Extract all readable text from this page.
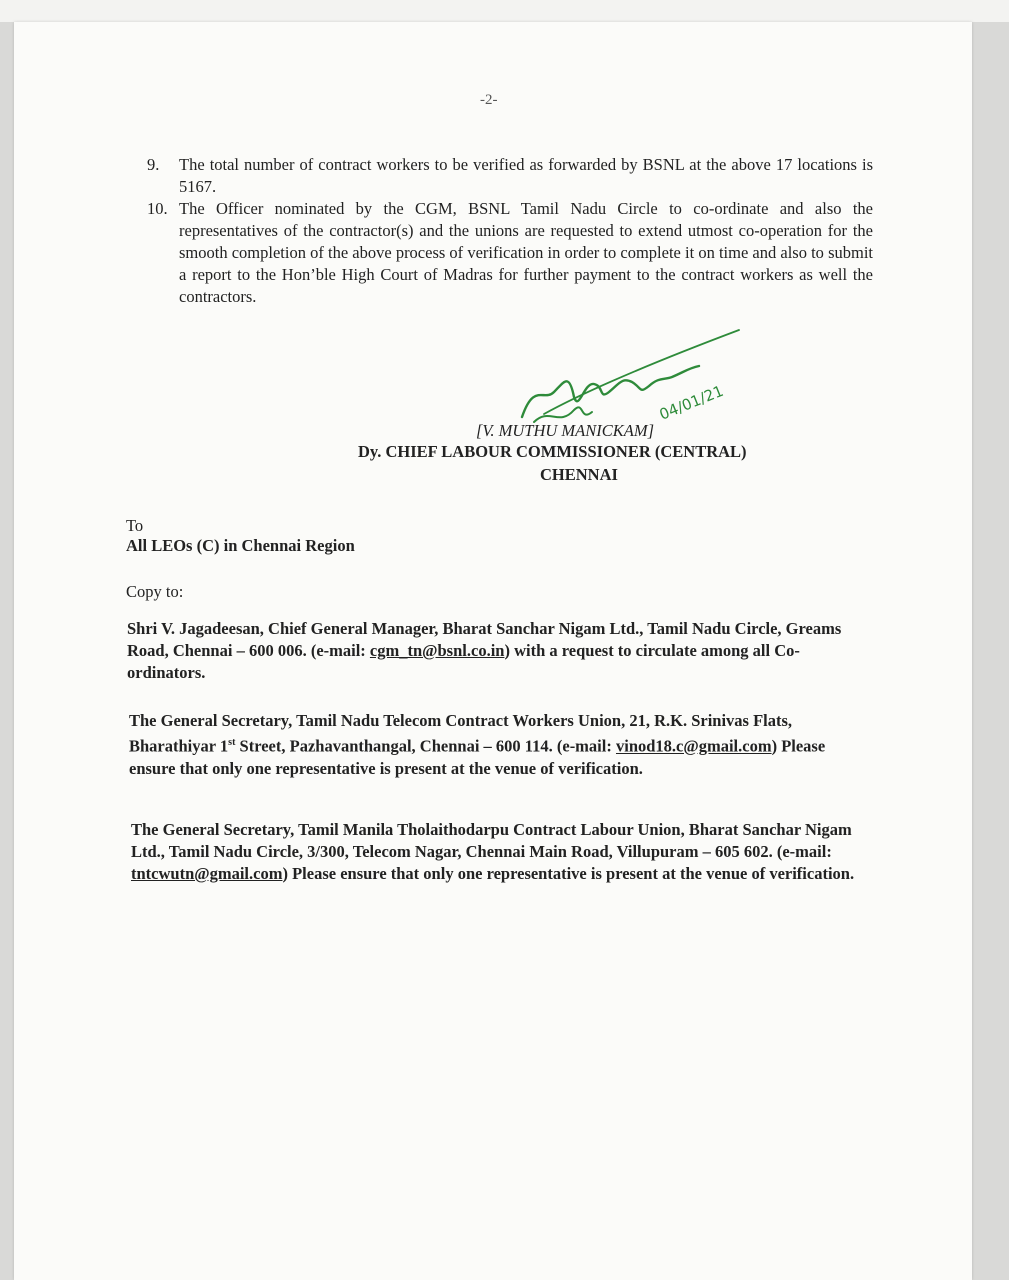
-2-
9. The total number of contract workers to be verified as forwarded by BSNL at the above 17 locations is 5167.
10. The Officer nominated by the CGM, BSNL Tamil Nadu Circle to co-ordinate and also the representatives of the contractor(s) and the unions are requested to extend utmost co-operation for the smooth completion of the above process of verification in order to complete it on time and also to submit a report to the Hon’ble High Court of Madras for further payment to the contract workers as well the contractors.
04/01/21
[V. MUTHU MANICKAM]
Dy. CHIEF LABOUR COMMISSIONER (CENTRAL)
CHENNAI
To
All LEOs (C) in Chennai Region
Copy to:

Shri V. Jagadeesan, Chief General Manager, Bharat Sanchar Nigam Ltd., Tamil Nadu Circle, Greams Road, Chennai – 600 006. (e-mail: cgm_tn@bsnl.co.in) with a request to circulate among all Co-ordinators.

The General Secretary, Tamil Nadu Telecom Contract Workers Union, 21, R.K. Srinivas Flats, Bharathiyar 1st Street, Pazhavanthangal, Chennai – 600 114. (e-mail: vinod18.c@gmail.com) Please ensure that only one representative is present at the venue of verification.

The General Secretary, Tamil Manila Tholaithodarpu Contract Labour Union, Bharat Sanchar Nigam Ltd., Tamil Nadu Circle, 3/300, Telecom Nagar, Chennai Main Road, Villupuram – 605 602. (e-mail: tntcwutn@gmail.com) Please ensure that only one representative is present at the venue of verification.
